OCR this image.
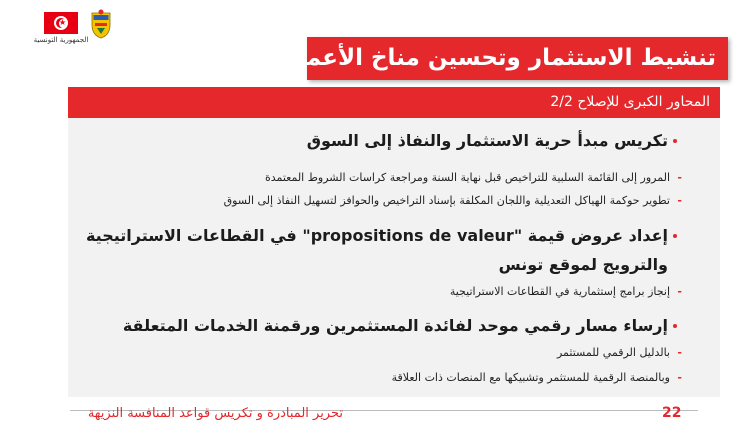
★
الجمهورية التونسية
تنشيط الاستثمار وتحسين مناخ الأعمال
المحاور الكبرى للإصلاح 2/2
تكريس مبدأ حرية الاستثمار والنفاذ إلى السوق
-
المرور إلى القائمة السلبية للتراخيص قبل نهاية السنة ومراجعة كراسات الشروط المعتمدة
-
تطوير حوكمة الهياكل التعديلية واللجان المكلفة بإسناد التراخيص والحوافز لتسهيل النفاذ إلى السوق
إعداد عروض قيمة "propositions de valeur" في القطاعات الاستراتيجية
والترويج لموقع تونس
-
إنجاز برامج إستثمارية في القطاعات الاستراتيجية
إرساء مسار رقمي موحد لفائدة المستثمرين ورقمنة الخدمات المتعلقة
-
بالدليل الرقمي للمستثمر
-
وبالمنصة الرقمية للمستثمر وتشبيكها مع المنصات ذات العلاقة
تحرير المبادرة و تكريس قواعد المنافسة النزيهة	22
